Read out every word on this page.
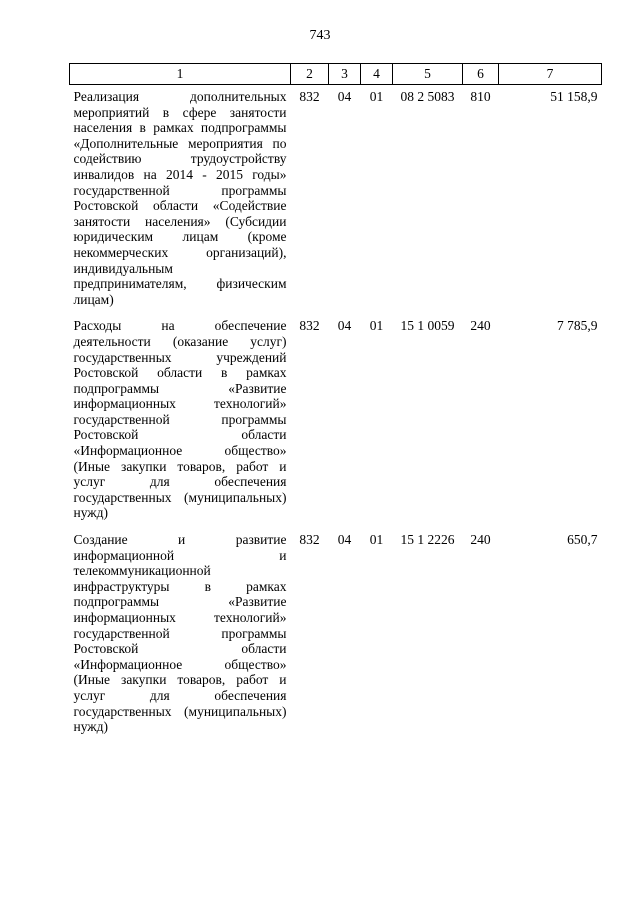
743
1	2	3	4	5	6	7
Реализация дополнительных мероприятий в сфере занятости населения в рамках подпрограммы «Дополнительные мероприятия по содействию трудоустройству инвалидов на 2014 - 2015 годы» государственной программы Ростовской области «Содействие занятости населения» (Субсидии юридическим лицам (кроме некоммерческих организаций), индивидуальным предпринимателям, физическим лицам)	832	04	01	08 2 5083	810	51 158,9
Расходы на обеспечение деятельности (оказание услуг) государственных учреждений Ростовской области в рамках подпрограммы «Развитие информационных технологий» государственной программы Ростовской области «Информационное общество» (Иные закупки товаров, работ и услуг для обеспечения государственных (муниципальных) нужд)	832	04	01	15 1 0059	240	7 785,9
Создание и развитие информационной и телекоммуникационной инфраструктуры в рамках подпрограммы «Развитие информационных технологий» государственной программы Ростовской области «Информационное общество» (Иные закупки товаров, работ и услуг для обеспечения государственных (муниципальных) нужд)	832	04	01	15 1 2226	240	650,7
